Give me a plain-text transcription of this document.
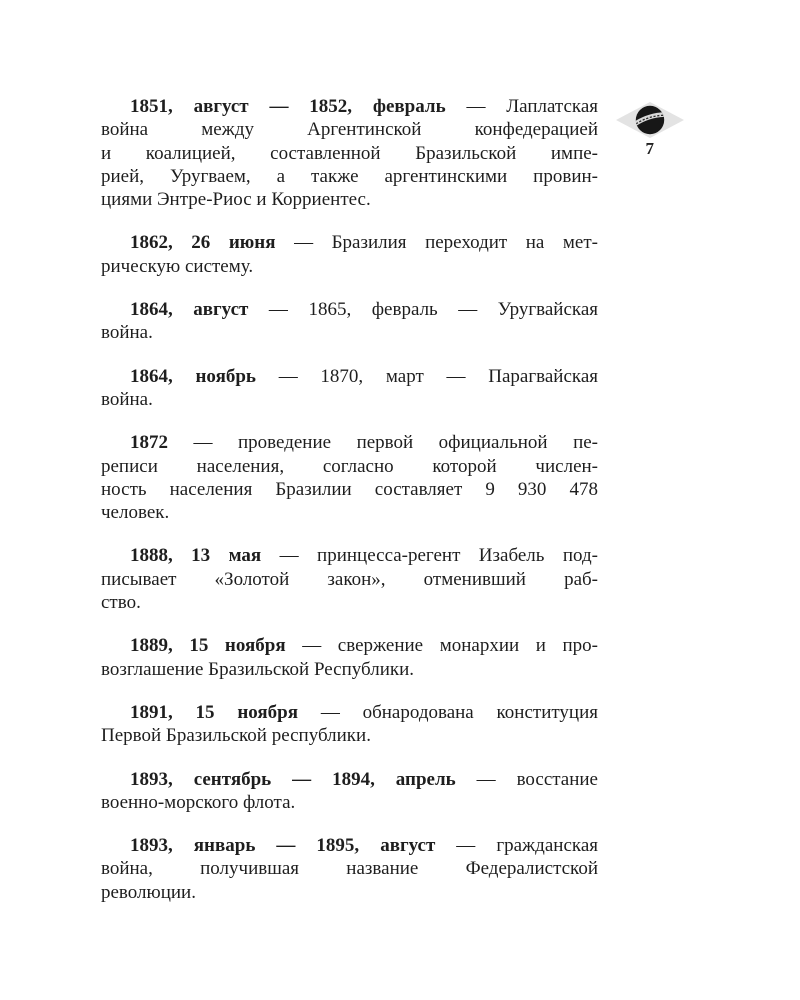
7
1851, август — 1852, февраль — Лаплатская
война между Аргентинской конфедерацией
и коалицией, составленной Бразильской импе-
рией, Уругваем, а также аргентинскими провин-
циями Энтре-Риос и Корриентес.
1862, 26 июня — Бразилия переходит на мет-
рическую систему.
1864, август — 1865, февраль — Уругвайская
война.
1864, ноябрь — 1870, март — Парагвайская
война.
1872 — проведение первой официальной пе-
реписи населения, согласно которой числен-
ность населения Бразилии составляет 9 930 478
человек.
1888, 13 мая — принцесса-регент Изабель под-
писывает «Золотой закон», отменивший раб-
ство.
1889, 15 ноября — свержение монархии и про-
возглашение Бразильской Республики.
1891, 15 ноября — обнародована конституция
Первой Бразильской республики.
1893, сентябрь — 1894, апрель — восстание
военно-морского флота.
1893, январь — 1895, август — гражданская
война, получившая название Федералистской
революции.
